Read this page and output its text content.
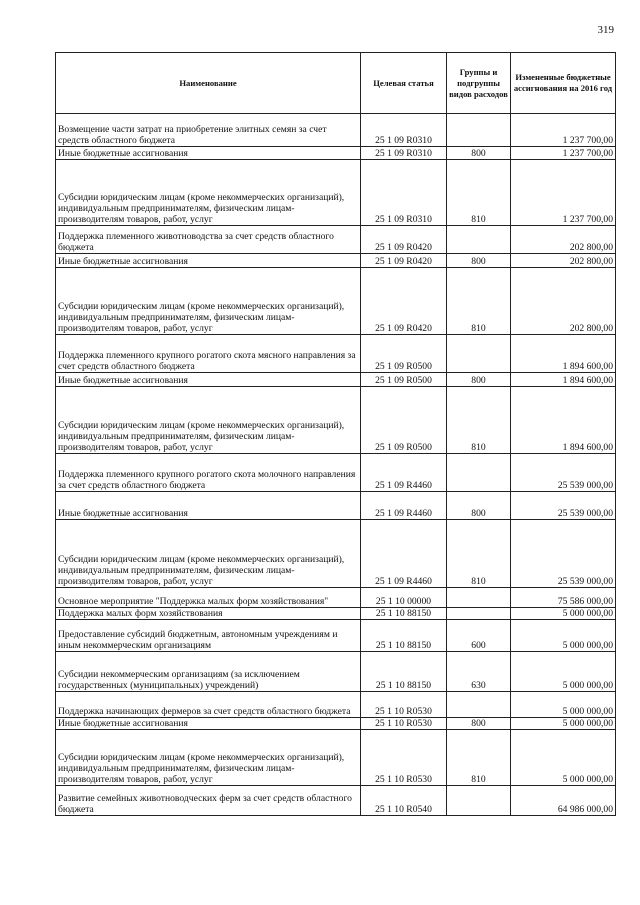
319
Наименование	Целевая статья	Группы и подгруппы видов расходов	Измененные бюджетные ассигнования на 2016 год
Возмещение части затрат на приобретение элитных семян за счет средств областного бюджета	25 1 09 R0310		1 237 700,00
Иные бюджетные ассигнования	25 1 09 R0310	800	1 237 700,00
Субсидии юридическим лицам (кроме некоммерческих организаций), индивидуальным предпринимателям, физическим лицам-производителям товаров, работ, услуг	25 1 09 R0310	810	1 237 700,00
Поддержка племенного животноводства за счет средств областного бюджета	25 1 09 R0420		202 800,00
Иные бюджетные ассигнования	25 1 09 R0420	800	202 800,00
Субсидии юридическим лицам (кроме некоммерческих организаций), индивидуальным предпринимателям, физическим лицам-производителям товаров, работ, услуг	25 1 09 R0420	810	202 800,00
Поддержка племенного крупного рогатого скота мясного направления за счет средств областного бюджета	25 1 09 R0500		1 894 600,00
Иные бюджетные ассигнования	25 1 09 R0500	800	1 894 600,00
Субсидии юридическим лицам (кроме некоммерческих организаций), индивидуальным предпринимателям, физическим лицам-производителям товаров, работ, услуг	25 1 09 R0500	810	1 894 600,00
Поддержка племенного крупного рогатого скота молочного направления за счет средств областного бюджета	25 1 09 R4460		25 539 000,00
Иные бюджетные ассигнования	25 1 09 R4460	800	25 539 000,00
Субсидии юридическим лицам (кроме некоммерческих организаций), индивидуальным предпринимателям, физическим лицам-производителям товаров, работ, услуг	25 1 09 R4460	810	25 539 000,00
Основное мероприятие "Поддержка малых форм хозяйствования"	25 1 10 00000		75 586 000,00
Поддержка малых форм хозяйствования	25 1 10 88150		5 000 000,00
Предоставление субсидий бюджетным, автономным учреждениям и иным некоммерческим организациям	25 1 10 88150	600	5 000 000,00
Субсидии некоммерческим организациям (за исключением государственных (муниципальных) учреждений)	25 1 10 88150	630	5 000 000,00
Поддержка начинающих фермеров за счет средств областного бюджета	25 1 10 R0530		5 000 000,00
Иные бюджетные ассигнования	25 1 10 R0530	800	5 000 000,00
Субсидии юридическим лицам (кроме некоммерческих организаций), индивидуальным предпринимателям, физическим лицам-производителям товаров, работ, услуг	25 1 10 R0530	810	5 000 000,00
Развитие семейных животноводческих ферм за счет средств областного бюджета	25 1 10 R0540		64 986 000,00
